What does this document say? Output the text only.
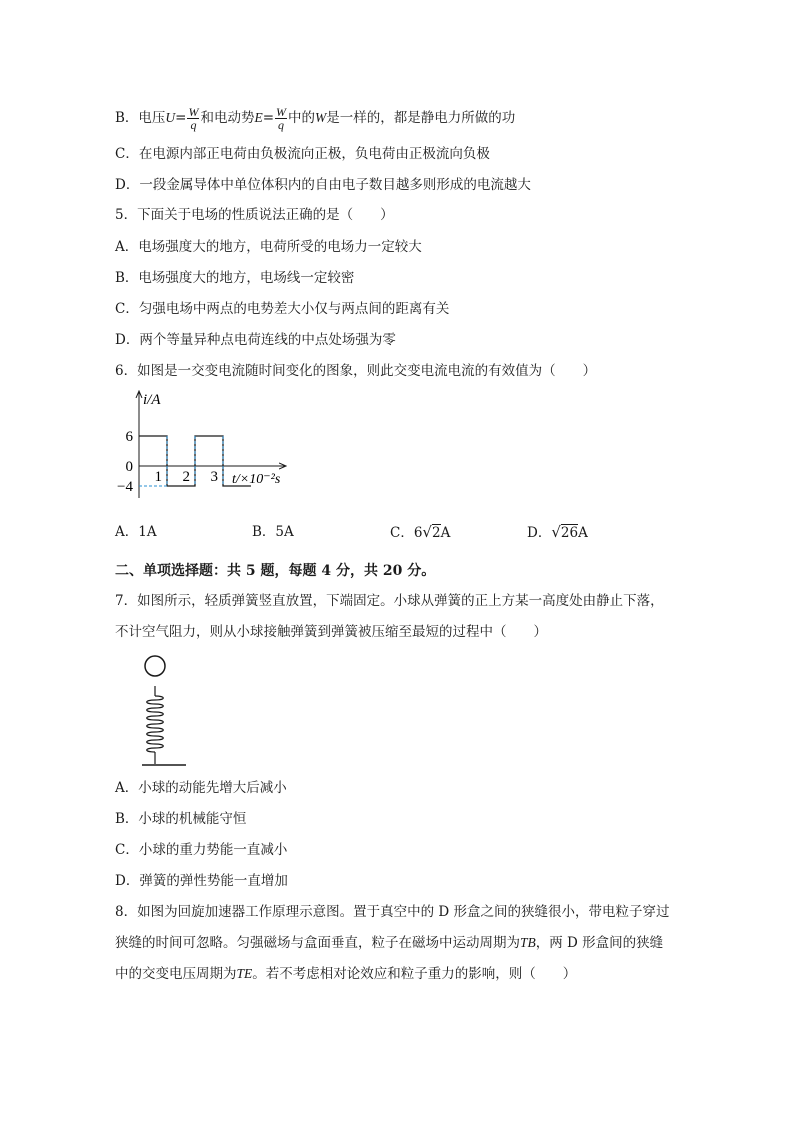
B．电压$U= \frac{W}{q}$ 和电动势$E= \frac{W}{q}$ 中的W是一样的，都是静电力所做的功
C．在电源内部正电荷由负极流向正极，负电荷由正极流向负极
D．一段金属导体中单位体积内的自由电子数目越多则形成的电流越大
5．下面关于电场的性质说法正确的是（　　）
A．电场强度大的地方，电荷所受的电场力一定较大
B．电场强度大的地方，电场线一定较密
C．匀强电场中两点的电势差大小仅与两点间的距离有关
D．两个等量异种点电荷连线的中点处场强为零
6．如图是一交变电流随时间变化的图象，则此交变电流电流的有效值为（　　）
i/A
t/×10⁻²s
6
0
−4
1 2 3
A．1A	B．5A	C．6√2A	D．√26A
二、单项选择题：共 5 题，每题 4 分，共 20 分。
7．如图所示，轻质弹簧竖直放置，下端固定。小球从弹簧的正上方某一高度处由静止下落，
不计空气阻力，则从小球接触弹簧到弹簧被压缩至最短的过程中（　　）
A．小球的动能先增大后减小
B．小球的机械能守恒
C．小球的重力势能一直减小
D．弹簧的弹性势能一直增加
8．如图为回旋加速器工作原理示意图。置于真空中的 D 形盒之间的狭缝很小，带电粒子穿过
狭缝的时间可忽略。匀强磁场与盒面垂直，粒子在磁场中运动周期为TB，两 D 形盒间的狭缝
中的交变电压周期为TE。若不考虑相对论效应和粒子重力的影响，则（　　）
